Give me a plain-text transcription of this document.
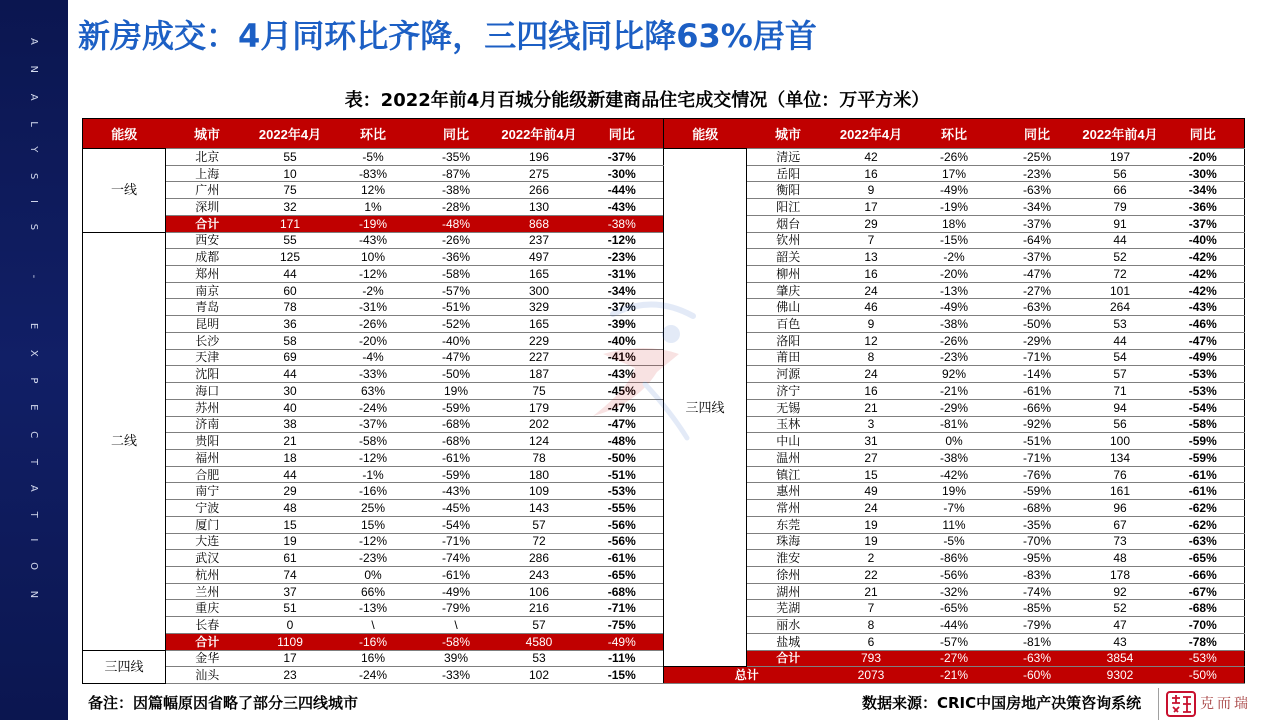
ANALYSIS - EXPECTATION
新房成交：4月同环比齐降，三四线同比降63%居首
表：2022年前4月百城分能级新建商品住宅成交情况（单位：万平方米）
能级	城市	2022年4月	环比	同比	2022年前4月	同比	能级	城市	2022年4月	环比	同比	2022年前4月	同比
一线	北京	55	-5%	-35%	196	-37%	三四线	清远	42	-26%	-25%	197	-20%
	上海	10	-83%	-87%	275	-30%		岳阳	16	17%	-23%	56	-30%
	广州	75	12%	-38%	266	-44%		衡阳	9	-49%	-63%	66	-34%
	深圳	32	1%	-28%	130	-43%		阳江	17	-19%	-34%	79	-36%
	合计	171	-19%	-48%	868	-38%		烟台	29	18%	-37%	91	-37%
二线	西安	55	-43%	-26%	237	-12%		钦州	7	-15%	-64%	44	-40%
	成都	125	10%	-36%	497	-23%		韶关	13	-2%	-37%	52	-42%
	郑州	44	-12%	-58%	165	-31%		柳州	16	-20%	-47%	72	-42%
	南京	60	-2%	-57%	300	-34%		肇庆	24	-13%	-27%	101	-42%
	青岛	78	-31%	-51%	329	-37%		佛山	46	-49%	-63%	264	-43%
	昆明	36	-26%	-52%	165	-39%		百色	9	-38%	-50%	53	-46%
	长沙	58	-20%	-40%	229	-40%		洛阳	12	-26%	-29%	44	-47%
	天津	69	-4%	-47%	227	-41%		莆田	8	-23%	-71%	54	-49%
	沈阳	44	-33%	-50%	187	-43%		河源	24	92%	-14%	57	-53%
	海口	30	63%	19%	75	-45%		济宁	16	-21%	-61%	71	-53%
	苏州	40	-24%	-59%	179	-47%		无锡	21	-29%	-66%	94	-54%
	济南	38	-37%	-68%	202	-47%		玉林	3	-81%	-92%	56	-58%
	贵阳	21	-58%	-68%	124	-48%		中山	31	0%	-51%	100	-59%
	福州	18	-12%	-61%	78	-50%		温州	27	-38%	-71%	134	-59%
	合肥	44	-1%	-59%	180	-51%		镇江	15	-42%	-76%	76	-61%
	南宁	29	-16%	-43%	109	-53%		惠州	49	19%	-59%	161	-61%
	宁波	48	25%	-45%	143	-55%		常州	24	-7%	-68%	96	-62%
	厦门	15	15%	-54%	57	-56%		东莞	19	11%	-35%	67	-62%
	大连	19	-12%	-71%	72	-56%		珠海	19	-5%	-70%	73	-63%
	武汉	61	-23%	-74%	286	-61%		淮安	2	-86%	-95%	48	-65%
	杭州	74	0%	-61%	243	-65%		徐州	22	-56%	-83%	178	-66%
	兰州	37	66%	-49%	106	-68%		湖州	21	-32%	-74%	92	-67%
	重庆	51	-13%	-79%	216	-71%		芜湖	7	-65%	-85%	52	-68%
	长春	0	\	\	57	-75%		丽水	8	-44%	-79%	47	-70%
	合计	1109	-16%	-58%	4580	-49%		盐城	6	-57%	-81%	43	-78%
三四线	金华	17	16%	39%	53	-11%		合计	793	-27%	-63%	3854	-53%
	汕头	23	-24%	-33%	102	-15%	总计		2073	-21%	-60%	9302	-50%
备注：因篇幅原因省略了部分三四线城市	数据来源：CRIC中国房地产决策咨询系统	克而瑞
